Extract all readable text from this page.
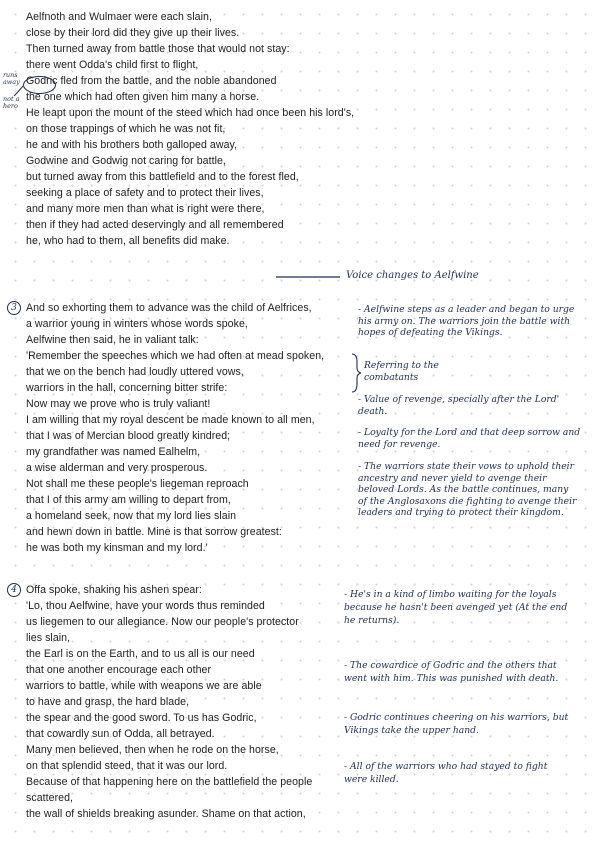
Aelfnoth and Wulmaer were each slain,
close by their lord did they give up their lives.
Then turned away from battle those that would not stay:
there went Odda's child first to flight,
Godric fled from the battle, and the noble abandoned
the one which had often given him many a horse.
He leapt upon the mount of the steed which had once been his lord's,
on those trappings of which he was not fit,
he and with his brothers both galloped away,
Godwine and Godwig not caring for battle,
but turned away from this battlefield and to the forest fled,
seeking a place of safety and to protect their lives,
and many more men than what is right were there,
then if they had acted deservingly and all remembered
he, who had to them, all benefits did make.
runs away
not a hero
Voice changes to Aelfwine
3 And so exhorting them to advance was the child of Aelfrices,
a warrior young in winters whose words spoke,
Aelfwine then said, he in valiant talk:
'Remember the speeches which we had often at mead spoken,
that we on the bench had loudly uttered vows,
warriors in the hall, concerning bitter strife:
Now may we prove who is truly valiant!
I am willing that my royal descent be made known to all men,
that I was of Mercian blood greatly kindred;
my grandfather was named Ealhelm,
a wise alderman and very prosperous.
Not shall me these people's liegeman reproach
that I of this army am willing to depart from,
a homeland seek, now that my lord lies slain
and hewn down in battle. Mine is that sorrow greatest:
he was both my kinsman and my lord.'
- Aelfwine steps as a leader and began to urge his army on. The warriors join the battle with hopes of defeating the Vikings.
Referring to the combatants
- Value of revenge, specially after the Lord' death.
- Loyalty for the Lord and that deep sorrow and need for revenge.
- The warriors state their vows to uphold their ancestry and never yield to avenge their beloved Lords. As the battle continues, many of the Anglosaxons die fighting to avenge their leaders and trying to protect their kingdom.
4 Offa spoke, shaking his ashen spear:
'Lo, thou Aelfwine, have your words thus reminded
us liegemen to our allegiance. Now our people's protector
lies slain,
the Earl is on the Earth, and to us all is our need
that one another encourage each other
warriors to battle, while with weapons we are able
to have and grasp, the hard blade,
the spear and the good sword. To us has Godric,
that cowardly sun of Odda, all betrayed.
Many men believed, then when he rode on the horse,
on that splendid steed, that it was our lord.
Because of that happening here on the battlefield the people
scattered,
the wall of shields breaking asunder. Shame on that action,
- He's in a kind of limbo waiting for the loyals because he hasn't been avenged yet (At the end he returns).
- The cowardice of Godric and the others that went with him. This was punished with death.
- Godric continues cheering on his warriors, but Vikings take the upper hand.
- All of the warriors who had stayed to fight were killed.
